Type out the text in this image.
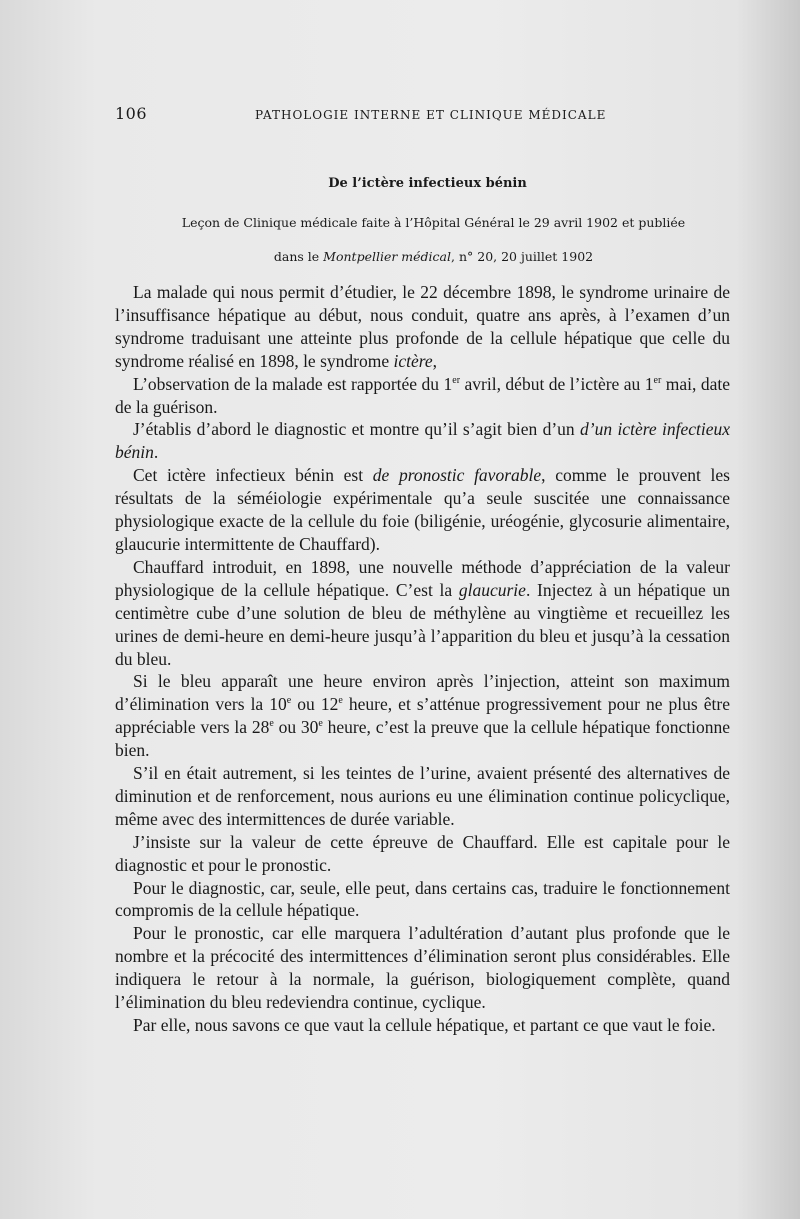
106	PATHOLOGIE INTERNE ET CLINIQUE MÉDICALE
De l’ictère infectieux bénin
Leçon de Clinique médicale faite à l’Hôpital Général le 29 avril 1902 et publiée
dans le Montpellier médical, n° 20, 20 juillet 1902

La malade qui nous permit d’étudier, le 22 décembre 1898, le syndrome urinaire de l’insuffisance hépatique au début, nous conduit, quatre ans après, à l’examen d’un syndrome traduisant une atteinte plus profonde de la cellule hépatique que celle du syndrome réalisé en 1898, le syndrome ictère,

L’observation de la malade est rapportée du 1er avril, début de l’ictère au 1er mai, date de la guérison.

J’établis d’abord le diagnostic et montre qu’il s’agit bien d’un d’un ictère infectieux bénin.

Cet ictère infectieux bénin est de pronostic favorable, comme le prouvent les résultats de la séméiologie expérimentale qu’a seule suscitée une connaissance physiologique exacte de la cellule du foie (biligénie, uréogénie, glycosurie alimentaire, glaucurie intermittente de Chauffard).

Chauffard introduit, en 1898, une nouvelle méthode d’appréciation de la valeur physiologique de la cellule hépatique. C’est la glaucurie. Injectez à un hépatique un centimètre cube d’une solution de bleu de méthylène au vingtième et recueillez les urines de demi-heure en demi-heure jusqu’à l’apparition du bleu et jusqu’à la cessation du bleu.

Si le bleu apparaît une heure environ après l’injection, atteint son maximum d’élimination vers la 10e ou 12e heure, et s’atténue progressivement pour ne plus être appréciable vers la 28e ou 30e heure, c’est la preuve que la cellule hépatique fonctionne bien.

S’il en était autrement, si les teintes de l’urine, avaient présenté des alternatives de diminution et de renforcement, nous aurions eu une élimination continue policyclique, même avec des intermittences de durée variable.

J’insiste sur la valeur de cette épreuve de Chauffard. Elle est capitale pour le diagnostic et pour le pronostic.

Pour le diagnostic, car, seule, elle peut, dans certains cas, traduire le fonctionnement compromis de la cellule hépatique.

Pour le pronostic, car elle marquera l’adultération d’autant plus profonde que le nombre et la précocité des intermittences d’élimination seront plus considérables. Elle indiquera le retour à la normale, la guérison, biologiquement complète, quand l’élimination du bleu redeviendra continue, cyclique.

Par elle, nous savons ce que vaut la cellule hépatique, et partant ce que vaut le foie.
